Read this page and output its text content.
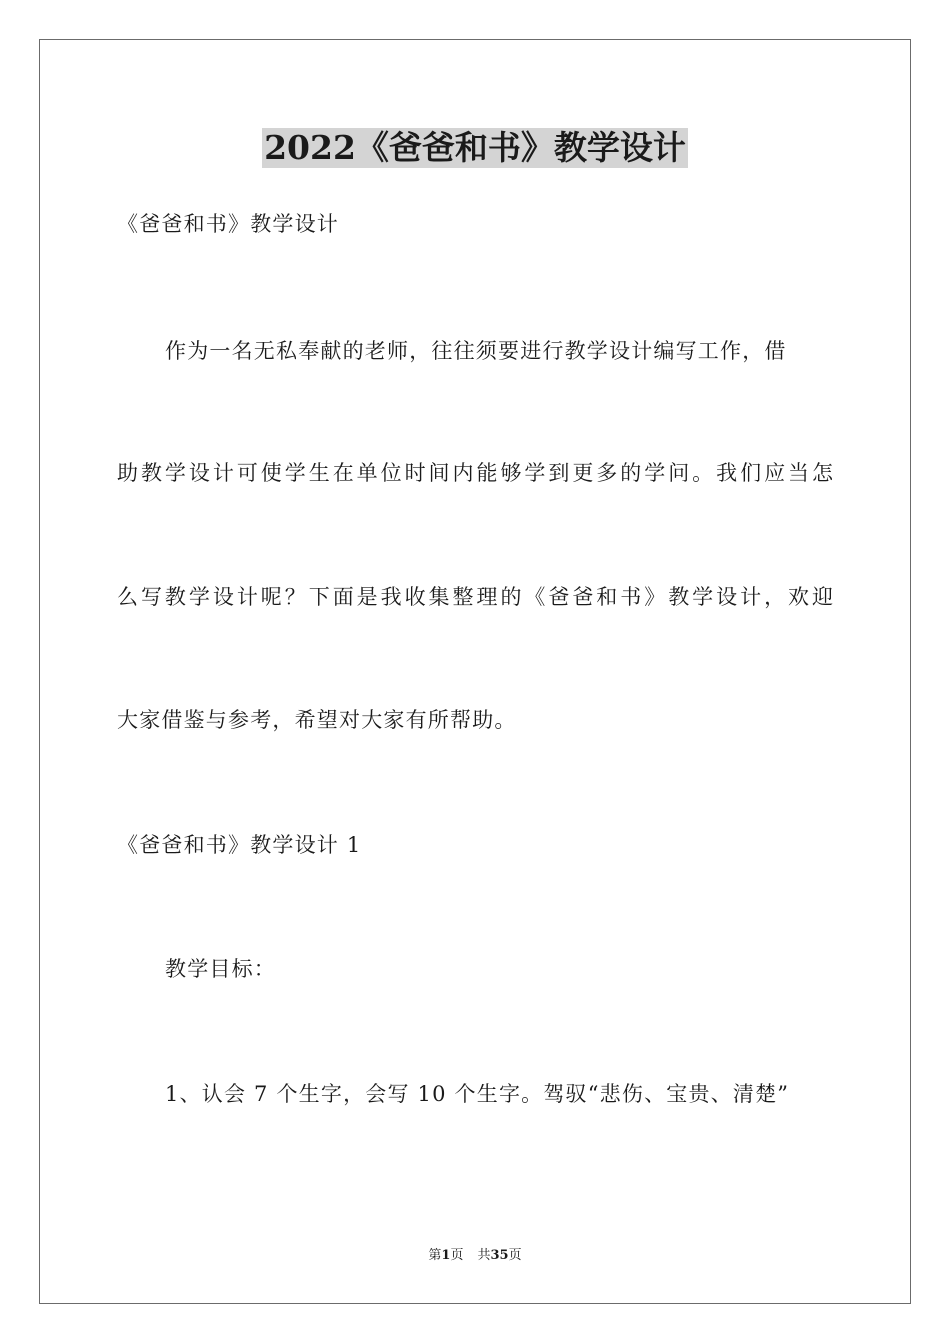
2022《爸爸和书》教学设计
《爸爸和书》教学设计
作为一名无私奉献的老师，往往须要进行教学设计编写工作，借
助教学设计可使学生在单位时间内能够学到更多的学问。我们应当怎
么写教学设计呢？下面是我收集整理的《爸爸和书》教学设计，欢迎
大家借鉴与参考，希望对大家有所帮助。
《爸爸和书》教学设计 1
教学目标：
1、认会 7 个生字，会写 10 个生字。驾驭“悲伤、宝贵、清楚”
第1页 共35页
